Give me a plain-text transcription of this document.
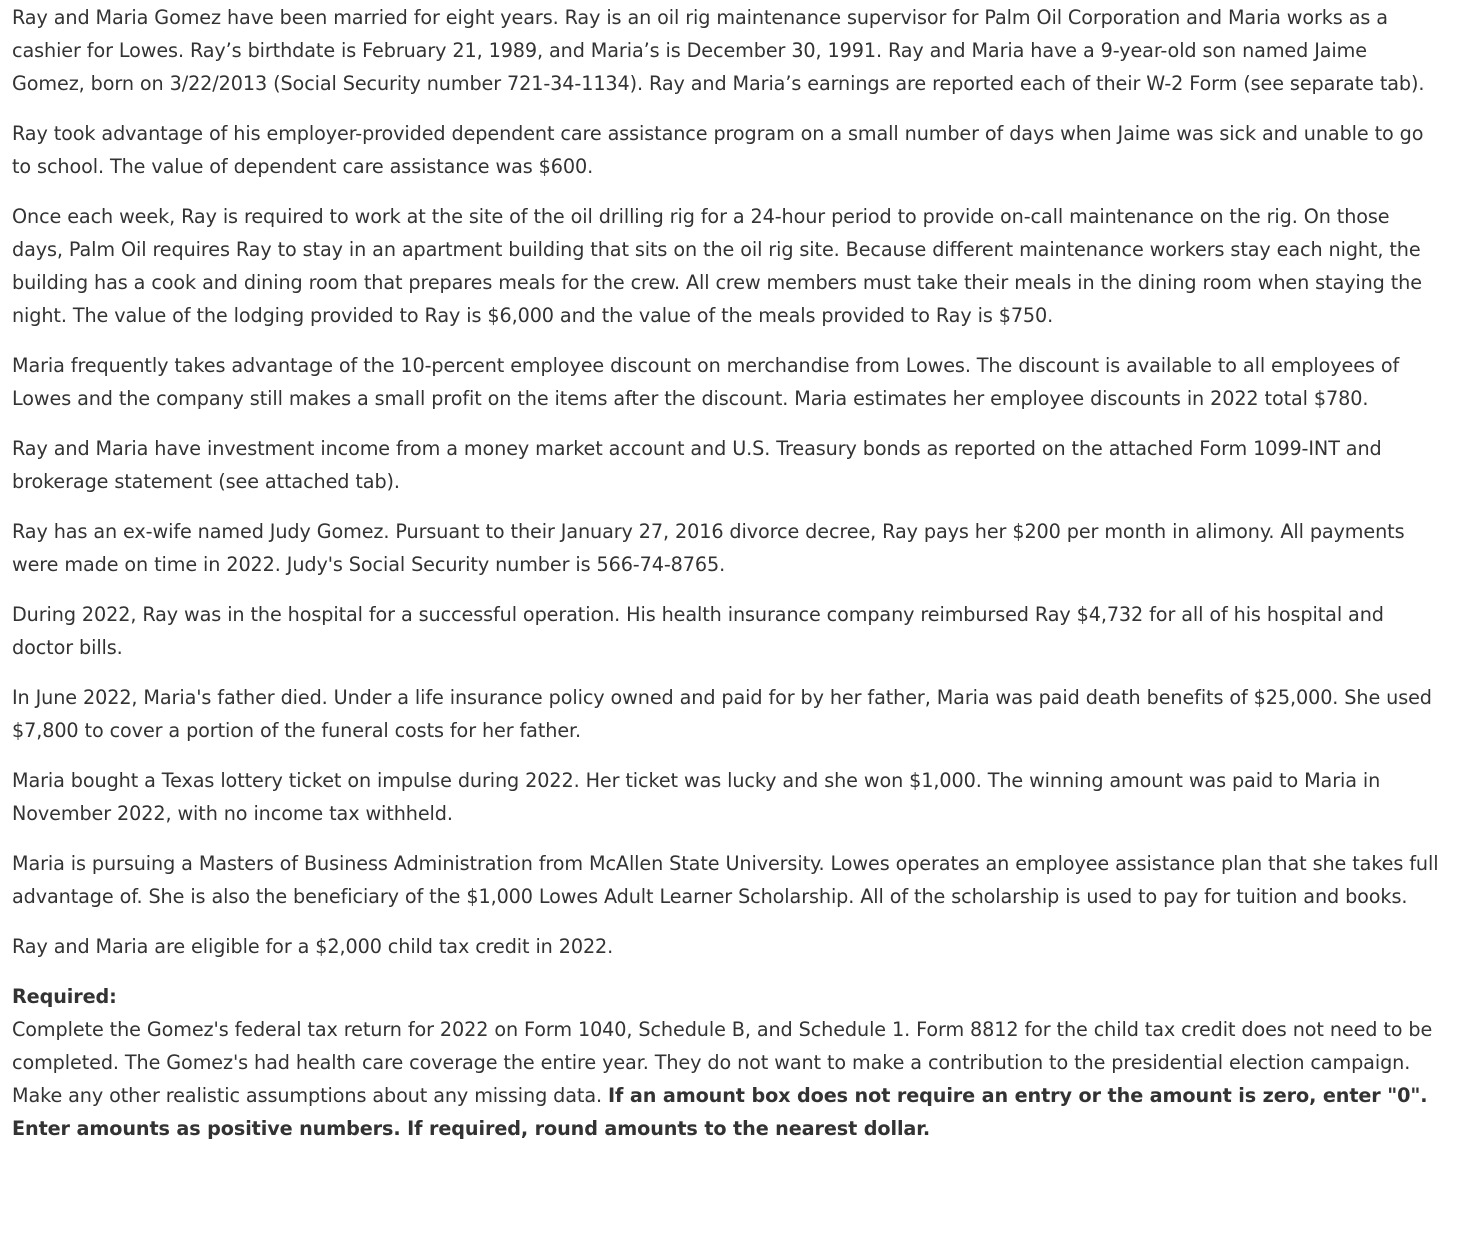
Ray and Maria Gomez have been married for eight years. Ray is an oil rig maintenance supervisor for Palm Oil Corporation and Maria works as a cashier for Lowes. Ray’s birthdate is February 21, 1989, and Maria’s is December 30, 1991. Ray and Maria have a 9-year-old son named Jaime Gomez, born on 3/22/2013 (Social Security number 721-34-1134). Ray and Maria’s earnings are reported each of their W-2 Form (see separate tab).

Ray took advantage of his employer-provided dependent care assistance program on a small number of days when Jaime was sick and unable to go to school. The value of dependent care assistance was $600.

Once each week, Ray is required to work at the site of the oil drilling rig for a 24-hour period to provide on-call maintenance on the rig. On those days, Palm Oil requires Ray to stay in an apartment building that sits on the oil rig site. Because different maintenance workers stay each night, the building has a cook and dining room that prepares meals for the crew. All crew members must take their meals in the dining room when staying the night. The value of the lodging provided to Ray is $6,000 and the value of the meals provided to Ray is $750.

Maria frequently takes advantage of the 10-percent employee discount on merchandise from Lowes. The discount is available to all employees of Lowes and the company still makes a small profit on the items after the discount. Maria estimates her employee discounts in 2022 total $780.

Ray and Maria have investment income from a money market account and U.S. Treasury bonds as reported on the attached Form 1099-INT and brokerage statement (see attached tab).

Ray has an ex-wife named Judy Gomez. Pursuant to their January 27, 2016 divorce decree, Ray pays her $200 per month in alimony. All payments were made on time in 2022. Judy's Social Security number is 566-74-8765.

During 2022, Ray was in the hospital for a successful operation. His health insurance company reimbursed Ray $4,732 for all of his hospital and doctor bills.

In June 2022, Maria's father died. Under a life insurance policy owned and paid for by her father, Maria was paid death benefits of $25,000. She used $7,800 to cover a portion of the funeral costs for her father.

Maria bought a Texas lottery ticket on impulse during 2022. Her ticket was lucky and she won $1,000. The winning amount was paid to Maria in November 2022, with no income tax withheld.

Maria is pursuing a Masters of Business Administration from McAllen State University. Lowes operates an employee assistance plan that she takes full advantage of. She is also the beneficiary of the $1,000 Lowes Adult Learner Scholarship. All of the scholarship is used to pay for tuition and books.

Ray and Maria are eligible for a $2,000 child tax credit in 2022.

Required:

Complete the Gomez's federal tax return for 2022 on Form 1040, Schedule B, and Schedule 1. Form 8812 for the child tax credit does not need to be completed. The Gomez's had health care coverage the entire year. They do not want to make a contribution to the presidential election campaign. Make any other realistic assumptions about any missing data. If an amount box does not require an entry or the amount is zero, enter "0". Enter amounts as positive numbers. If required, round amounts to the nearest dollar.
